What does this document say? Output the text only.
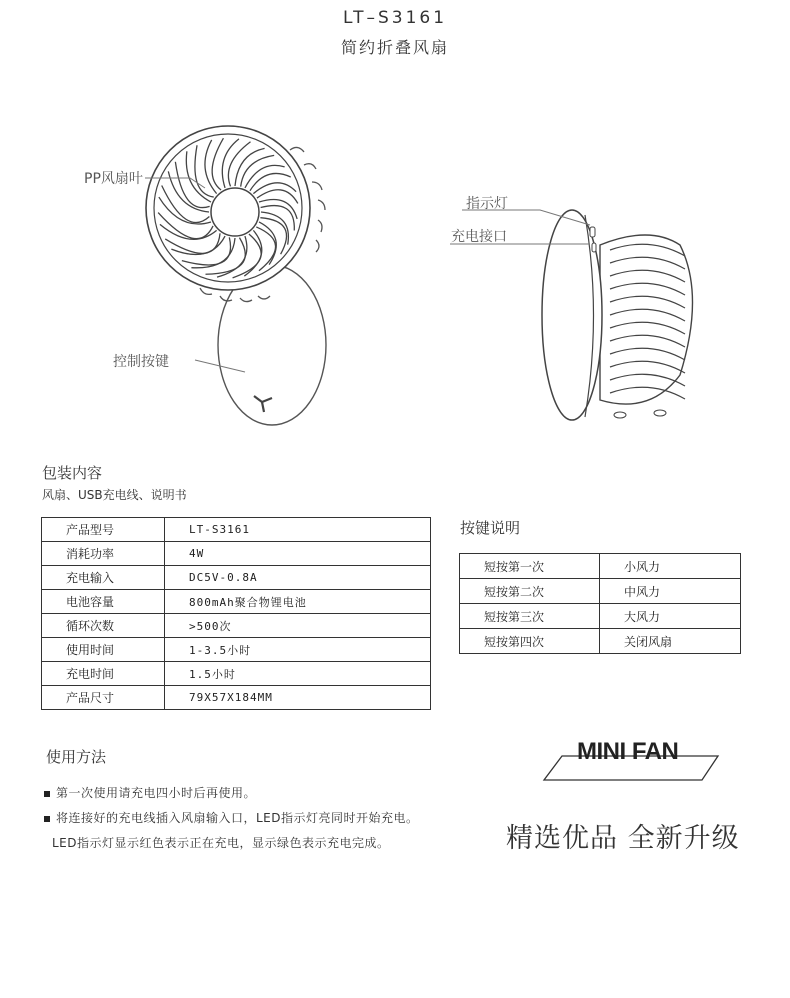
LT–S3161
简约折叠风扇
PP风扇叶
控制按键
指示灯
充电接口
包装内容
风扇、USB充电线、说明书
产品型号	LT-S3161
消耗功率	4W
充电输入	DC5V-0.8A
电池容量	800mAh聚合物锂电池
循环次数	>500次
使用时间	1-3.5小时
充电时间	1.5小时
产品尺寸	79X57X184MM
按键说明
短按第一次	小风力
短按第二次	中风力
短按第三次	大风力
短按第四次	关闭风扇
使用方法
第一次使用请充电四小时后再使用。
将连接好的充电线插入风扇输入口，LED指示灯亮同时开始充电。
LED指示灯显示红色表示正在充电，显示绿色表示充电完成。
MINI FAN
精选优品 全新升级
